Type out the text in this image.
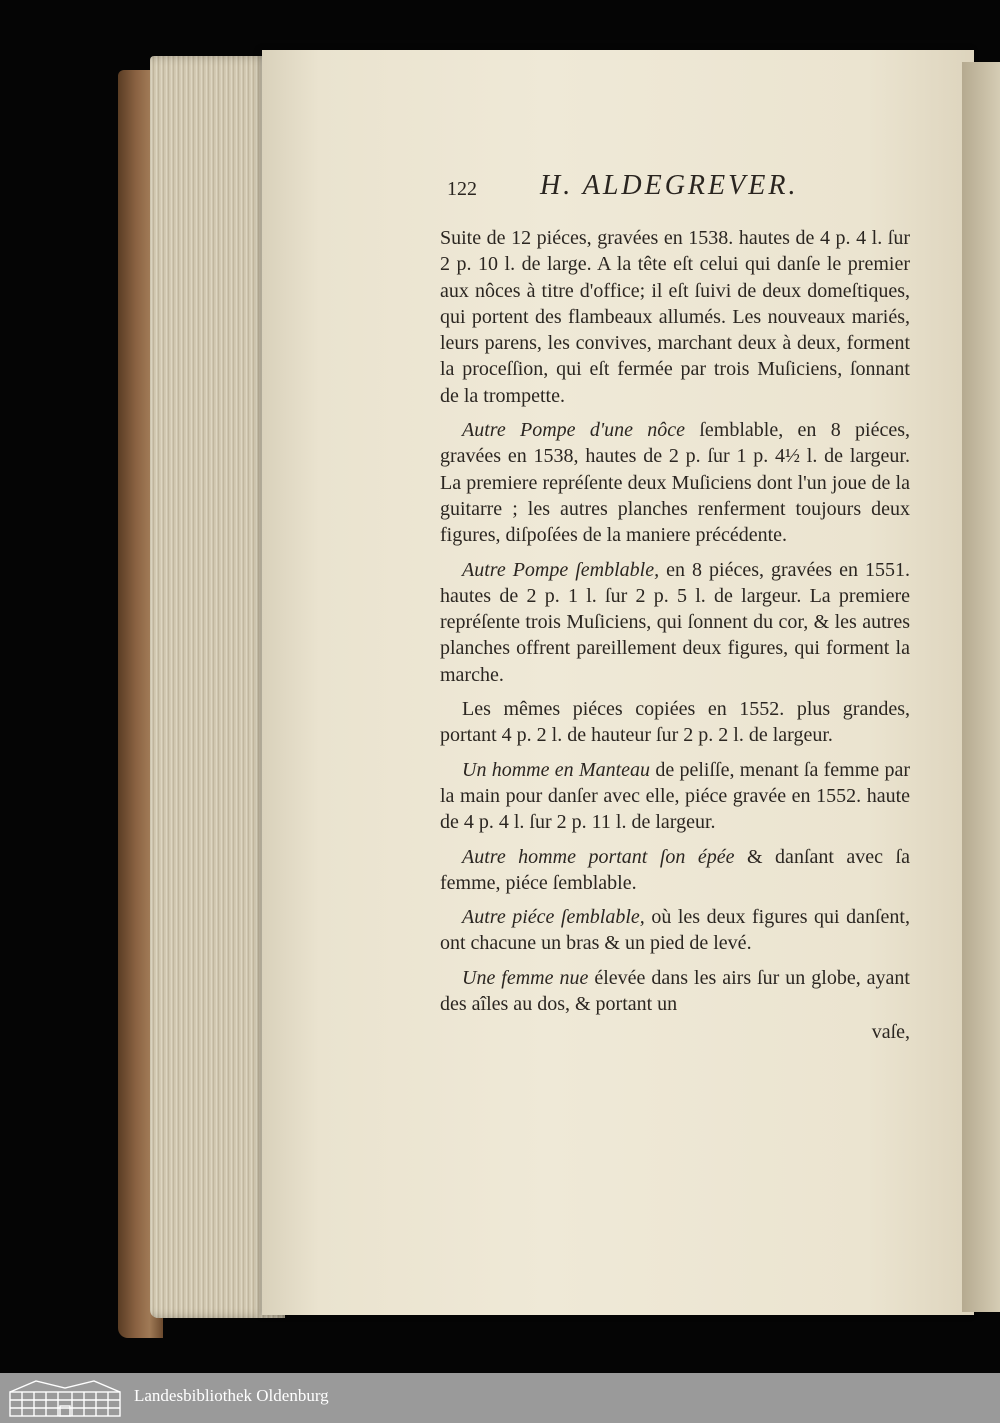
122 H. ALDEGREVER.

Suite de 12 piéces, gravées en 1538. hautes de 4 p. 4 l. ſur 2 p. 10 l. de large. A la tête eſt celui qui danſe le premier aux nôces à titre d'office; il eſt ſuivi de deux domeſtiques, qui portent des flambeaux allumés. Les nouveaux mariés, leurs parens, les convives, marchant deux à deux, forment la proceſſion, qui eſt fermée par trois Muſiciens, ſonnant de la trompette.

Autre Pompe d'une nôce ſemblable, en 8 piéces, gravées en 1538, hautes de 2 p. ſur 1 p. 4½ l. de largeur. La premiere repréſente deux Muſiciens dont l'un joue de la guitarre ; les autres planches renferment toujours deux figures, diſpoſées de la maniere précédente.

Autre Pompe ſemblable, en 8 piéces, gravées en 1551. hautes de 2 p. 1 l. ſur 2 p. 5 l. de largeur. La premiere repréſente trois Muſiciens, qui ſonnent du cor, & les autres planches offrent pareillement deux figures, qui forment la marche.

Les mêmes piéces copiées en 1552. plus grandes, portant 4 p. 2 l. de hauteur ſur 2 p. 2 l. de largeur.

Un homme en Manteau de peliſſe, menant ſa femme par la main pour danſer avec elle, piéce gravée en 1552. haute de 4 p. 4 l. ſur 2 p. 11 l. de largeur.

Autre homme portant ſon épée & danſant avec ſa femme, piéce ſemblable.

Autre piéce ſemblable, où les deux figures qui danſent, ont chacune un bras & un pied de levé.

Une femme nue élevée dans les airs ſur un globe, ayant des aîles au dos, & portant un

vaſe,

Landesbibliothek Oldenburg
